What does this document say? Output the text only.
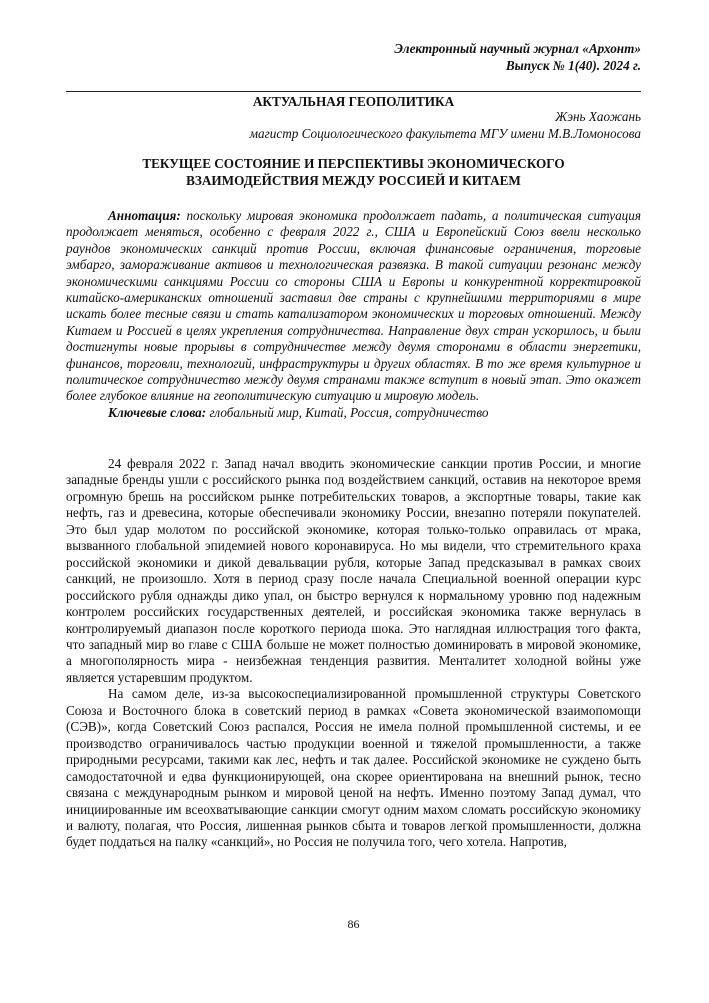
Электронный научный журнал «Архонт»
Выпуск № 1(40). 2024 г.
АКТУАЛЬНАЯ ГЕОПОЛИТИКА
Жэнь Хаожань
магистр Социологического факультета МГУ имени М.В.Ломоносова
ТЕКУЩЕЕ СОСТОЯНИЕ И ПЕРСПЕКТИВЫ ЭКОНОМИЧЕСКОГО
ВЗАИМОДЕЙСТВИЯ МЕЖДУ РОССИЕЙ И КИТАЕМ

Аннотация: поскольку мировая экономика продолжает падать, а политическая ситуация продолжает меняться, особенно с февраля 2022 г., США и Европейский Союз ввели несколько раундов экономических санкций против России, включая финансовые ограничения, торговые эмбарго, замораживание активов и технологическая развязка. В такой ситуации резонанс между экономическими санкциями России со стороны США и Европы и конкурентной корректировкой китайско-американских отношений заставил две страны с крупнейшими территориями в мире искать более тесные связи и стать катализатором экономических и торговых отношений. Между Китаем и Россией в целях укрепления сотрудничества. Направление двух стран ускорилось, и были достигнуты новые прорывы в сотрудничестве между двумя сторонами в области энергетики, финансов, торговли, технологий, инфраструктуры и других областях. В то же время культурное и политическое сотрудничество между двумя странами также вступит в новый этап. Это окажет более глубокое влияние на геополитическую ситуацию и мировую модель.

Ключевые слова: глобальный мир, Китай, Россия, сотрудничество

24 февраля 2022 г. Запад начал вводить экономические санкции против России, и многие западные бренды ушли с российского рынка под воздействием санкций, оставив на некоторое время огромную брешь на российском рынке потребительских товаров, а экспортные товары, такие как нефть, газ и древесина, которые обеспечивали экономику России, внезапно потеряли покупателей. Это был удар молотом по российской экономике, которая только-только оправилась от мрака, вызванного глобальной эпидемией нового коронавируса. Но мы видели, что стремительного краха российской экономики и дикой девальвации рубля, которые Запад предсказывал в рамках своих санкций, не произошло. Хотя в период сразу после начала Специальной военной операции курс российского рубля однажды дико упал, он быстро вернулся к нормальному уровню под надежным контролем российских государственных деятелей, и российская экономика также вернулась в контролируемый диапазон после короткого периода шока. Это наглядная иллюстрация того факта, что западный мир во главе с США больше не может полностью доминировать в мировой экономике, а многополярность мира - неизбежная тенденция развития. Менталитет холодной войны уже является устаревшим продуктом.

На самом деле, из-за высокоспециализированной промышленной структуры Советского Союза и Восточного блока в советский период в рамках «Совета экономической взаимопомощи (СЭВ)», когда Советский Союз распался, Россия не имела полной промышленной системы, и ее производство ограничивалось частью продукции военной и тяжелой промышленности, а также природными ресурсами, такими как лес, нефть и так далее. Российской экономике не суждено быть самодостаточной и едва функционирующей, она скорее ориентирована на внешний рынок, тесно связана с международным рынком и мировой ценой на нефть. Именно поэтому Запад думал, что инициированные им всеохватывающие санкции смогут одним махом сломать российскую экономику и валюту, полагая, что Россия, лишенная рынков сбыта и товаров легкой промышленности, должна будет поддаться на палку «санкций», но Россия не получила того, чего хотела. Напротив,

86
